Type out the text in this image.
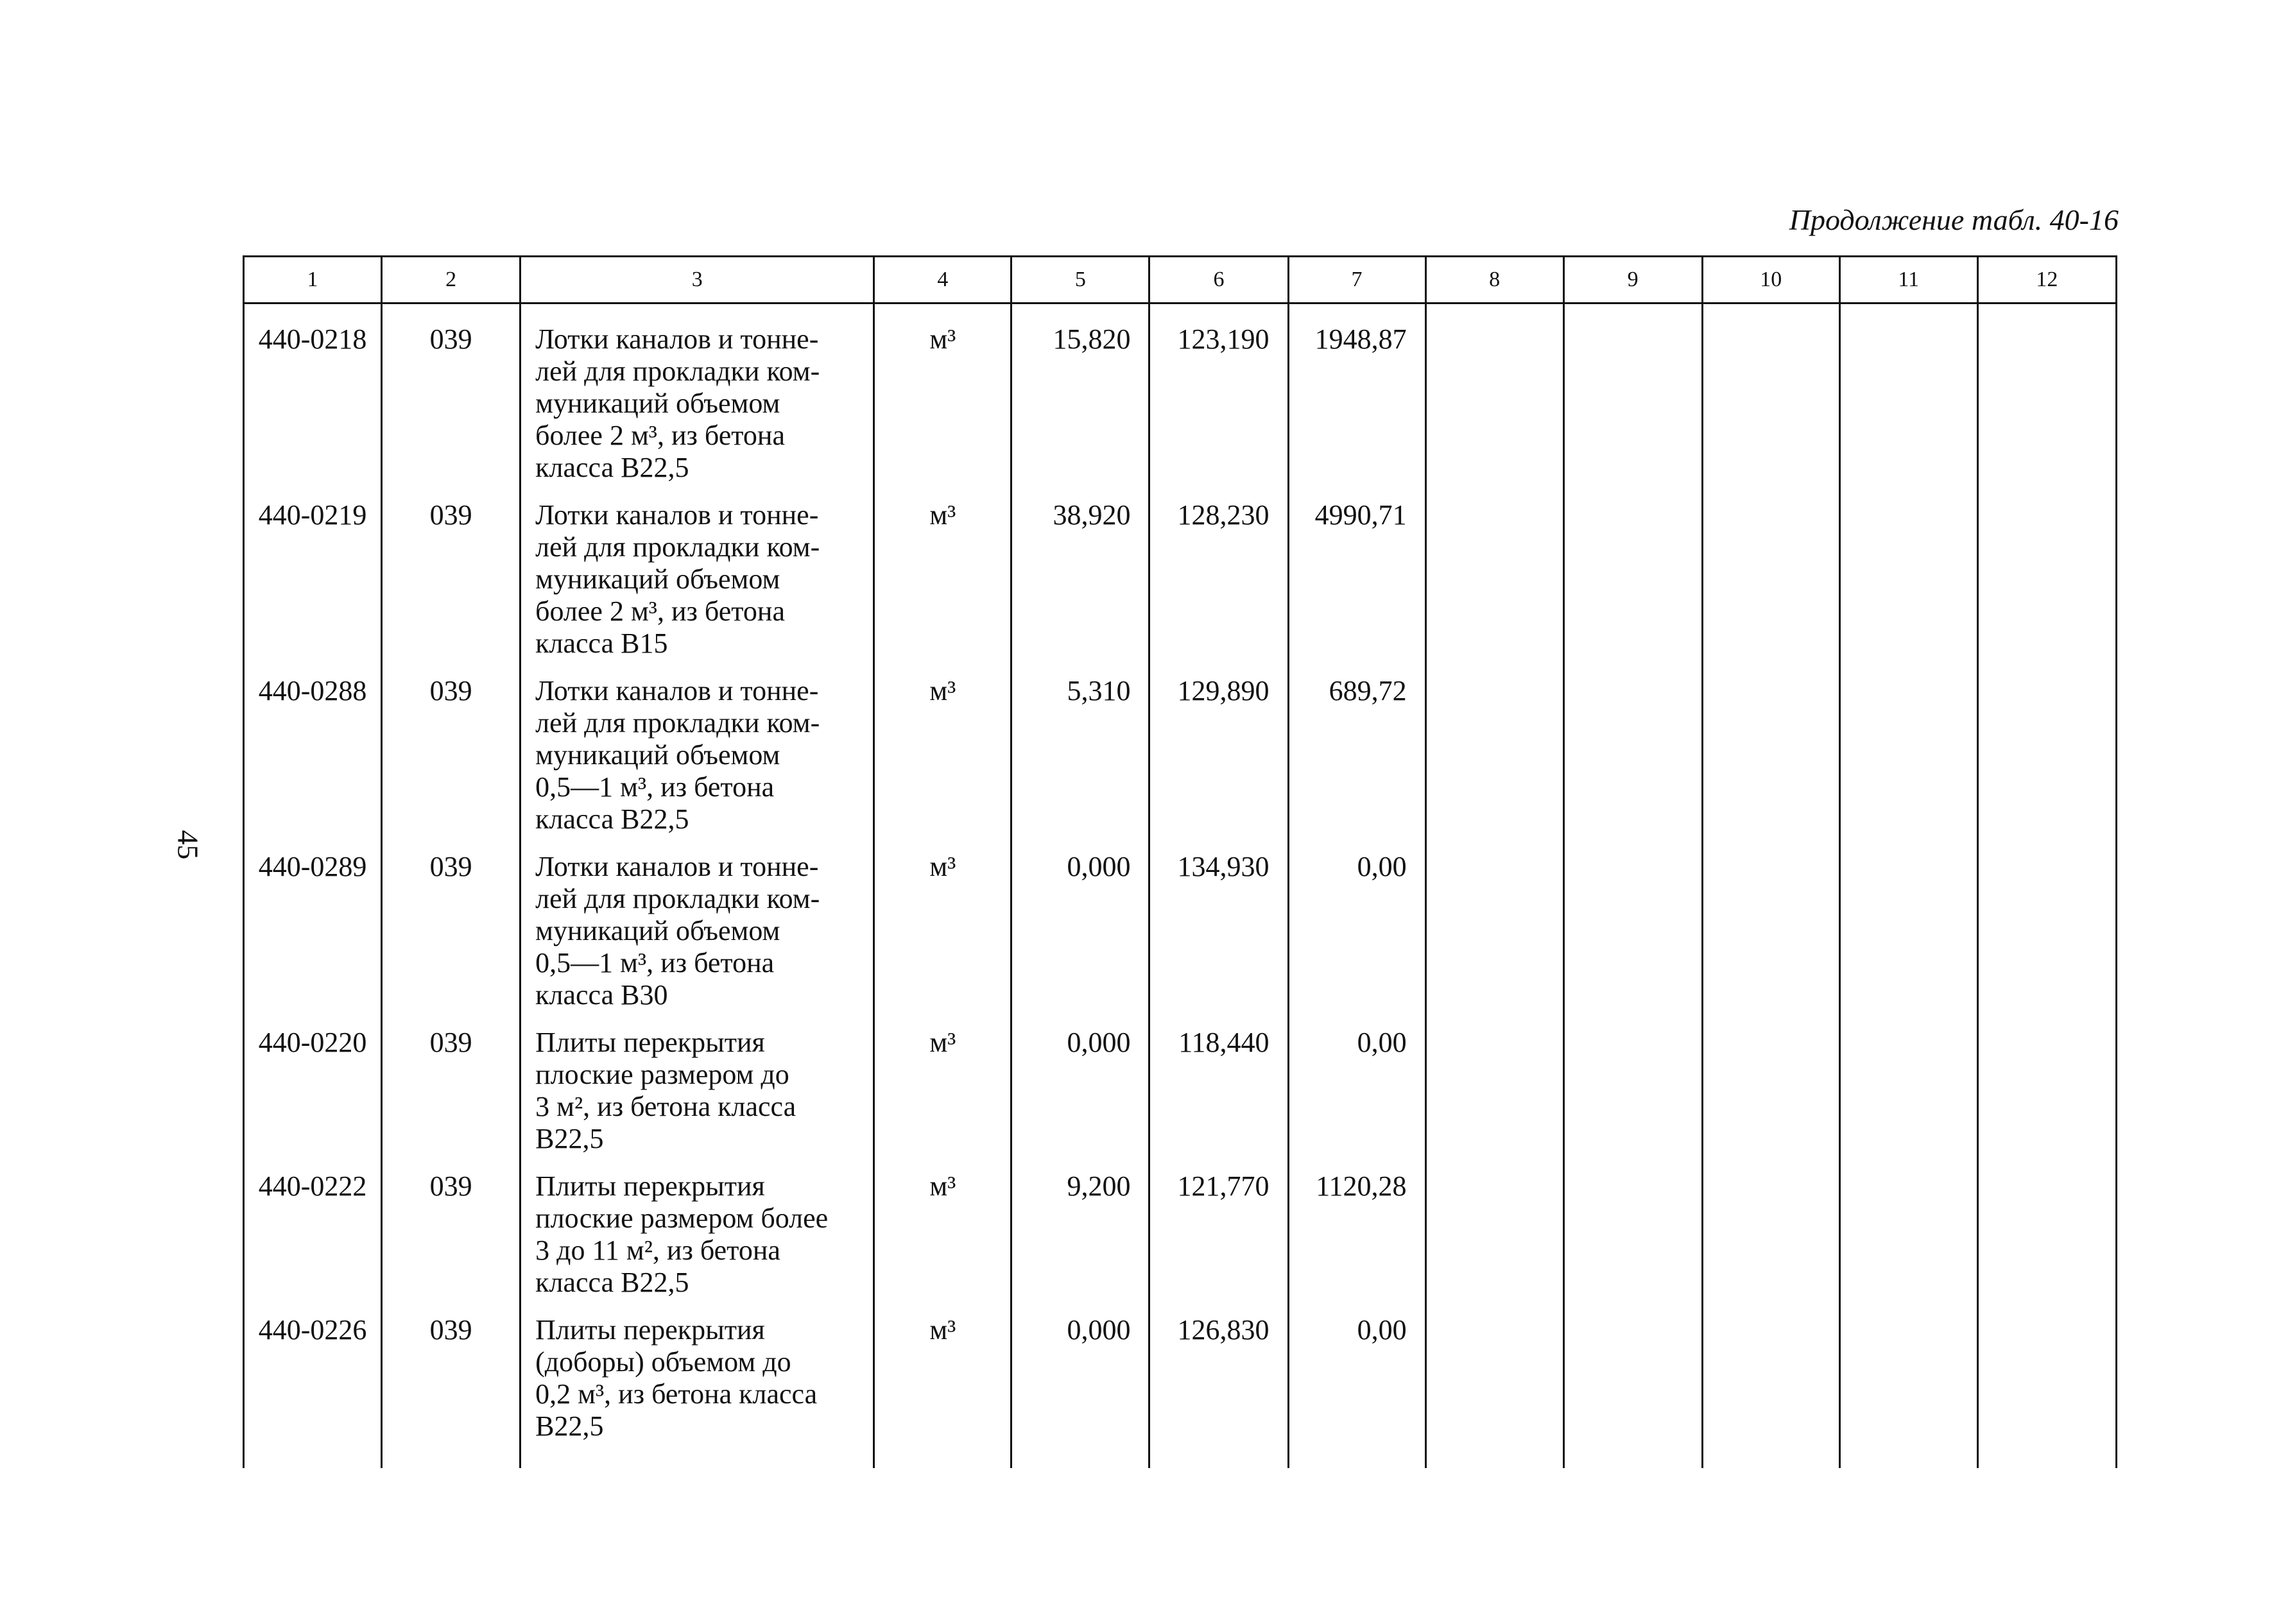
Продолжение табл. 40-16
45
1	2	3	4	5	6	7	8	9	10	11	12
440-0218	039	Лотки каналов и тонне-
лей для прокладки ком-
муникаций объемом
более 2 м³, из бетона
класса В22,5	м³	15,820	123,190	1948,87					
440-0219	039	Лотки каналов и тонне-
лей для прокладки ком-
муникаций объемом
более 2 м³, из бетона
класса В15	м³	38,920	128,230	4990,71					
440-0288	039	Лотки каналов и тонне-
лей для прокладки ком-
муникаций объемом
0,5—1 м³, из бетона
класса В22,5	м³	5,310	129,890	689,72					
440-0289	039	Лотки каналов и тонне-
лей для прокладки ком-
муникаций объемом
0,5—1 м³, из бетона
класса В30	м³	0,000	134,930	0,00					
440-0220	039	Плиты перекрытия
плоские размером до
3 м², из бетона класса
В22,5	м³	0,000	118,440	0,00					
440-0222	039	Плиты перекрытия
плоские размером более
3 до 11 м², из бетона
класса В22,5	м³	9,200	121,770	1120,28					
440-0226	039	Плиты перекрытия
(доборы) объемом до
0,2 м³, из бетона класса
В22,5	м³	0,000	126,830	0,00					
